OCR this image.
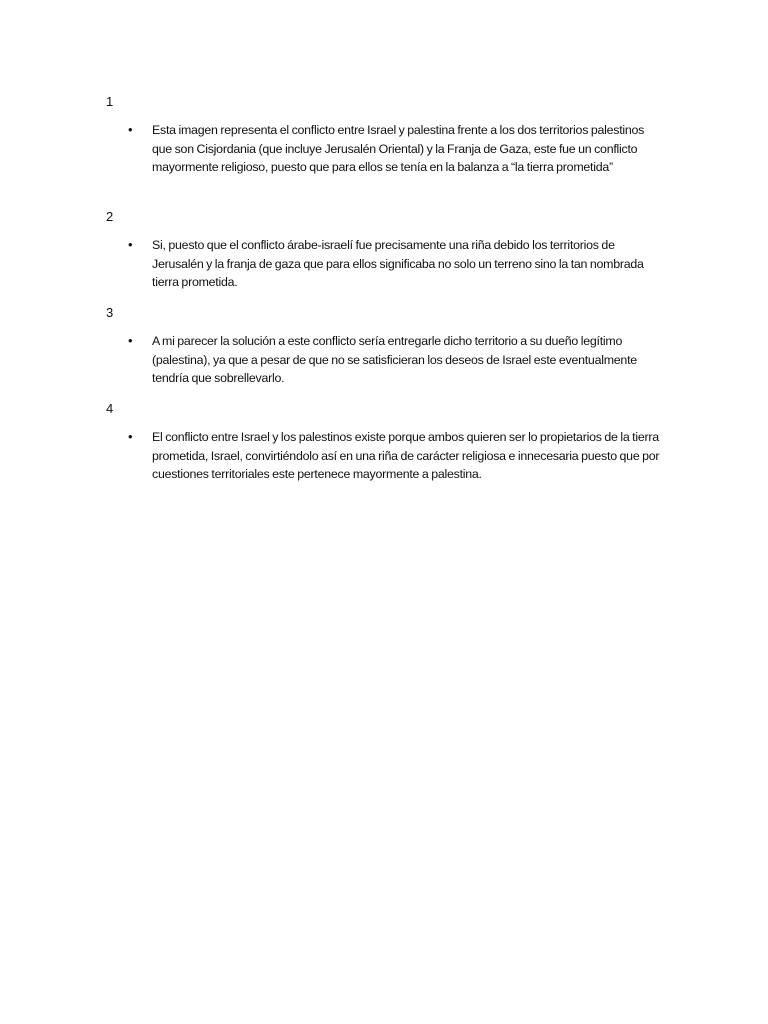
1
• Esta imagen representa el conflicto entre Israel y palestina frente a los dos territorios palestinos que son Cisjordania (que incluye Jerusalén Oriental) y la Franja de Gaza, este fue un conflicto mayormente religioso, puesto que para ellos se tenía en la balanza a “la tierra prometida”
2
• Si, puesto que el conflicto árabe-israelí fue precisamente una riña debido los territorios de Jerusalén y la franja de gaza que para ellos significaba no solo un terreno sino la tan nombrada tierra prometida.
3
• A mi parecer la solución a este conflicto sería entregarle dicho territorio a su dueño legítimo (palestina), ya que a pesar de que no se satisficieran los deseos de Israel este eventualmente tendría que sobrellevarlo.
4
• El conflicto entre Israel y los palestinos existe porque ambos quieren ser lo propietarios de la tierra prometida, Israel, convirtiéndolo así en una riña de carácter religiosa e innecesaria puesto que por cuestiones territoriales este pertenece mayormente a palestina.
